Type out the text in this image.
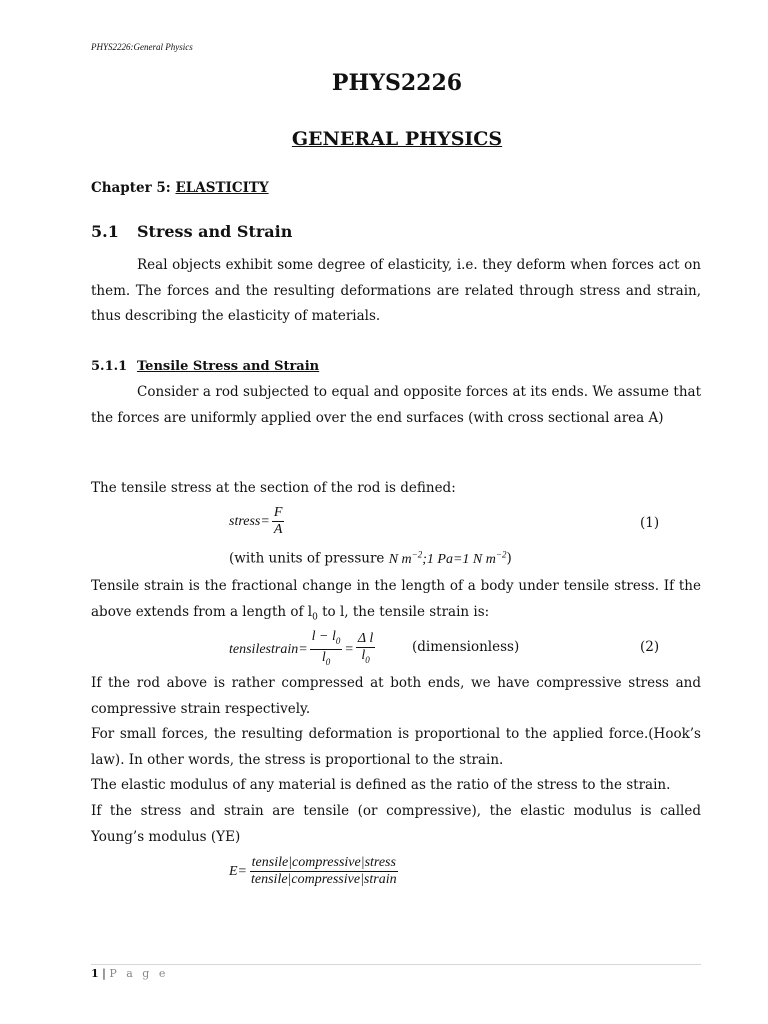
PHYS2226:General Physics
PHYS2226
GENERAL PHYSICS
Chapter 5: ELASTICITY
5.1 Stress and Strain
Real objects exhibit some degree of elasticity, i.e. they deform when forces act on them. The forces and the resulting deformations are related through stress and strain, thus describing the elasticity of materials.
5.1.1 Tensile Stress and Strain
Consider a rod subjected to equal and opposite forces at its ends. We assume that the forces are uniformly applied over the end surfaces (with cross sectional area A)
The tensile stress at the section of the rod is defined:
stress= $\frac{F}{A}$	(1)
(with units of pressure N $m^{-2};1$ Pa=1 N $m^{-2}$)
Tensile strain is the fractional change in the length of a body under tensile stress. If the above extends from a length of $l_0$ to l, the tensile strain is:
tensilestrain= $\frac{l - l_0}{l_0} = \frac{\text{Δ l}}{l_0}$	(dimensionless)	(2)
If the rod above is rather compressed at both ends, we have compressive stress and compressive strain respectively.
For small forces, the resulting deformation is proportional to the applied force.(Hook’s law). In other words, the stress is proportional to the strain.
The elastic modulus of any material is defined as the ratio of the stress to the strain.
If the stress and strain are tensile (or compressive), the elastic modulus is called Young’s modulus (YE)
$E= \frac{\text{tensile|compressive|stress}}{\text{tensile|compressive|strain}}$
1 | P a g e
